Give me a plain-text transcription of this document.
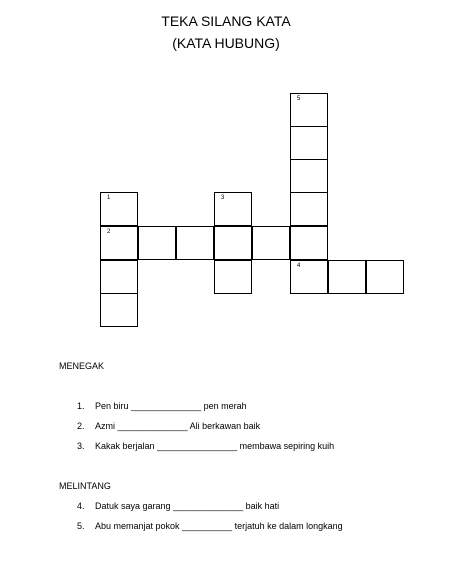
TEKA SILANG KATA
(KATA HUBUNG)
5
4
1
2
3
MENEGAK
1. Pen biru ______________ pen merah
2. Azmi ______________ Ali berkawan baik
3. Kakak berjalan ________________ membawa sepiring kuih
MELINTANG
4. Datuk saya garang ______________ baik hati
5. Abu memanjat pokok __________ terjatuh ke dalam longkang
